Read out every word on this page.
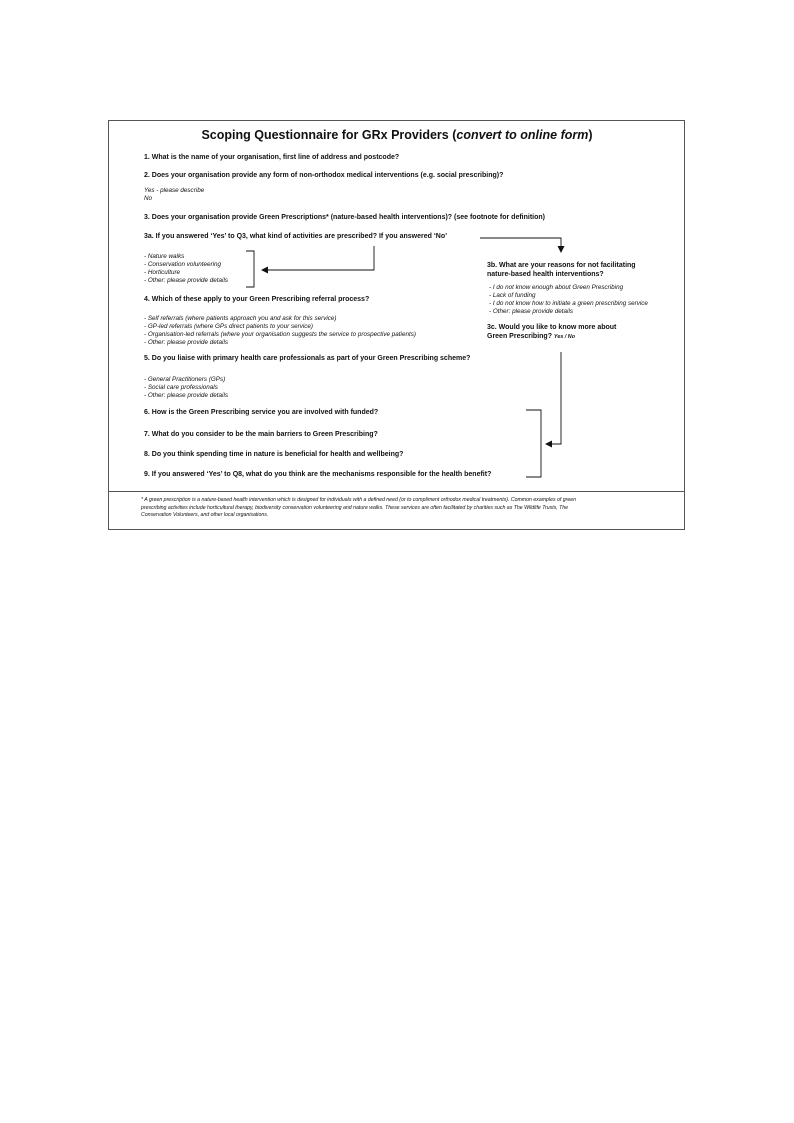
Scoping Questionnaire for GRx Providers (convert to online form)
1. What is the name of your organisation, first line of address and postcode?
2. Does your organisation provide any form of non-orthodox medical interventions (e.g. social prescribing)?
Yes - please describe
No
3. Does your organisation provide Green Prescriptions* (nature-based health interventions)? (see footnote for definition)
3a. If you answered ‘Yes’ to Q3, what kind of activities are prescribed? If you answered ‘No’
- Nature walks
- Conservation volunteering
- Horticulture
- Other: please provide details
3b. What are your reasons for not facilitating
nature-based health interventions?
- I do not know enough about Green Prescribing
- Lack of funding
- I do not know how to initiate a green prescribing service
- Other: please provide details
3c. Would you like to know more about
Green Prescribing? Yes / No
4. Which of these apply to your Green Prescribing referral process?
- Self referrals (where patients approach you and ask for this service)
- GP-led referrals (where GPs direct patients to your service)
- Organisation-led referrals (where your organisation suggests the service to prospective patients)
- Other: please provide details
5. Do you liaise with primary health care professionals as part of your Green Prescribing scheme?
- General Practitioners (GPs)
- Social care professionals
- Other: please provide details
6. How is the Green Prescribing service you are involved with funded?
7. What do you consider to be the main barriers to Green Prescribing?
8. Do you think spending time in nature is beneficial for health and wellbeing?
9. If you answered ‘Yes’ to Q8, what do you think are the mechanisms responsible for the health benefit?
* A green prescription is a nature-based health intervention which is designed for individuals with a defined need (or to compliment orthodox medical treatments). Common examples of green
prescribing activities include horticultural therapy, biodiversity conservation volunteering and nature walks. These services are often facilitated by charities such as The Wildlife Trusts, The
Conservation Volunteers, and other local organisations.
